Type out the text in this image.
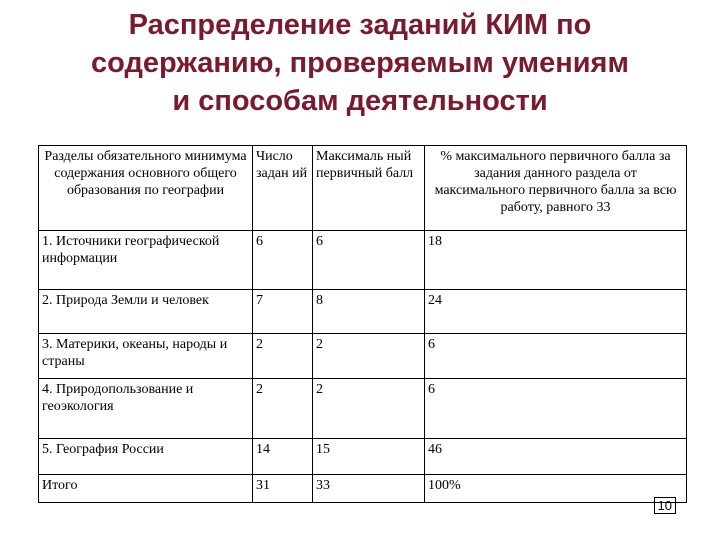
Распределение заданий КИМ по
содержанию, проверяемым умениям
и способам деятельности
Разделы обязательного минимума содержания основного общего образования по географии	Число задан ий	Максималь ный первичный балл	% максимального первичного балла за задания данного раздела от максимального первичного балла за всю работу, равного 33
1. Источники географической информации	6	6	18
2. Природа Земли и человек	7	8	24
3. Материки, океаны, народы и страны	2	2	6
4. Природопользование и геоэкология	2	2	6
5. География России	14	15	46
Итого	31	33	100%
10
